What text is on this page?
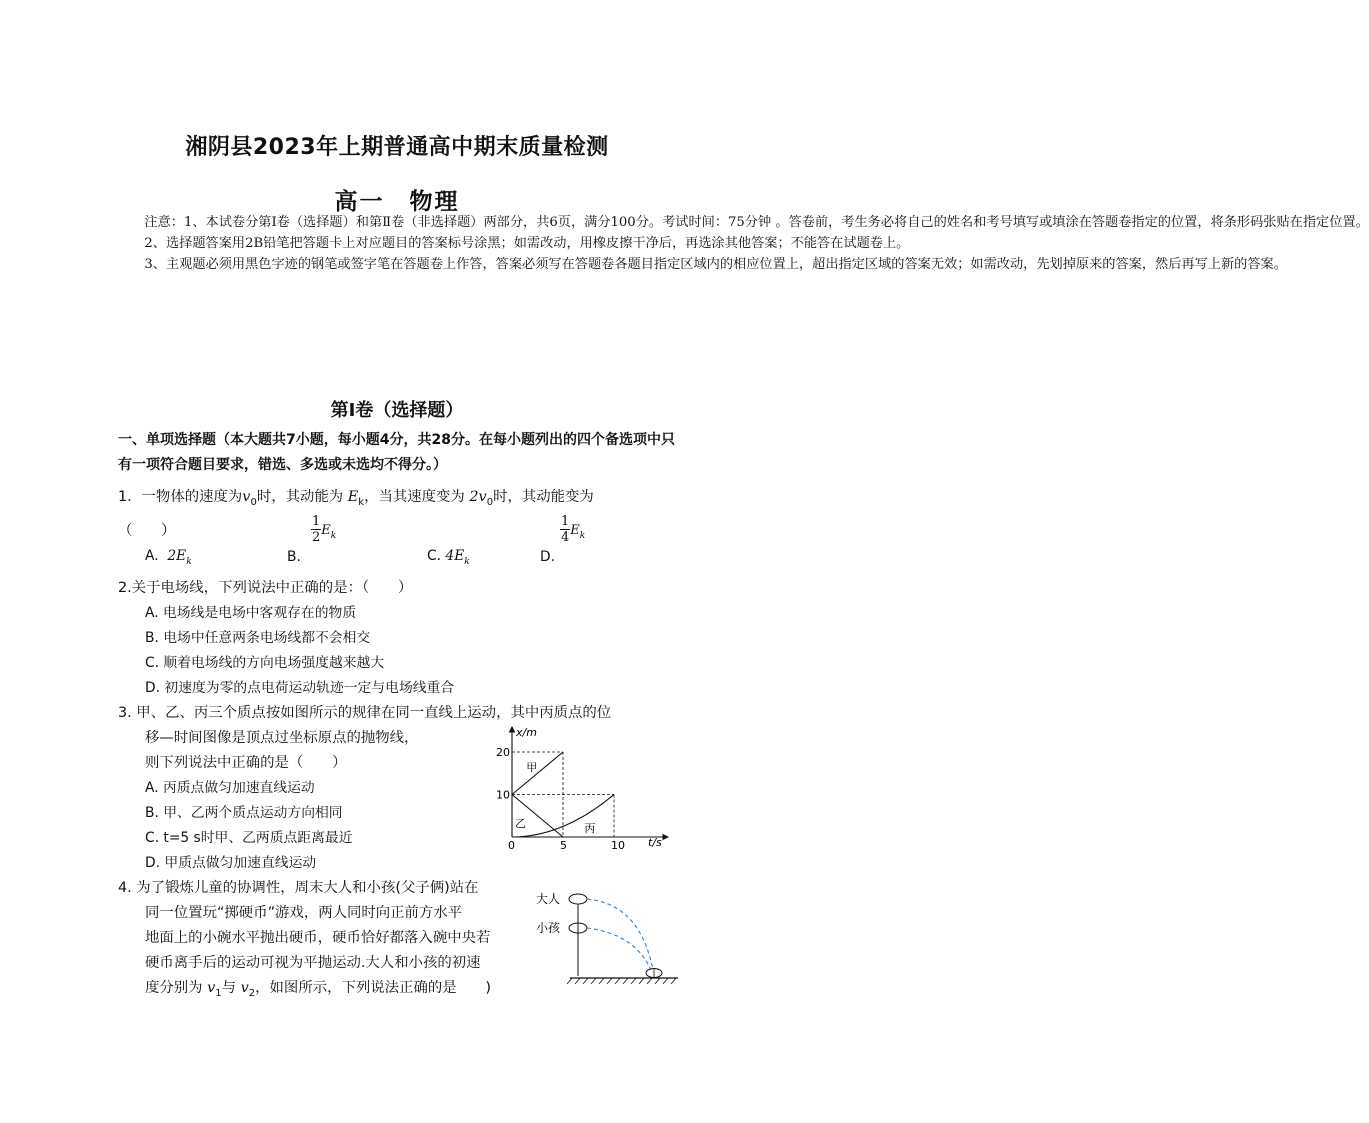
湘阴县2023年上期普通高中期末质量检测
高一　物理

注意：1、本试卷分第Ⅰ卷（选择题）和第Ⅱ卷（非选择题）两部分，共6页，满分100分。考试时间：75分钟 。答卷前，考生务必将自己的姓名和考号填写或填涂在答题卷指定的位置，将条形码张贴在指定位置。

2、选择题答案用2B铅笔把答题卡上对应题目的答案标号涂黑；如需改动，用橡皮擦干净后，再选涂其他答案；不能答在试题卷上。

3、主观题必须用黑色字迹的钢笔或签字笔在答题卷上作答，答案必须写在答题卷各题目指定区域内的相应位置上，超出指定区域的答案无效；如需改动，先划掉原来的答案，然后再写上新的答案。

第Ⅰ卷（选择题）
一、单项选择题（本大题共7小题，每小题4分，共28分。在每小题列出的四个备选项中只有一项符合题目要求，错选、多选或未选均不得分。）
1．一物体的速度为$v_0$时，其动能为 $E_k$，当其速度变为 $2v_0$时，其动能变为
（　　）
A. $2E_k$	B.
$\frac{1}{2} E_k$
C. $4E_k$	D.
$\frac{1}{4} E_k$
2.关于电场线，下列说法中正确的是：（　　）
A. 电场线是电场中客观存在的物质
B. 电场中任意两条电场线都不会相交
C. 顺着电场线的方向电场强度越来越大
D. 初速度为零的点电荷运动轨迹一定与电场线重合
3. 甲、乙、丙三个质点按如图所示的规律在同一直线上运动，其中丙质点的位
移—时间图像是顶点过坐标原点的抛物线，
则下列说法中正确的是（　　）
A. 丙质点做匀加速直线运动
B. 甲、乙两个质点运动方向相同
C. t=5 s时甲、乙两质点距离最近
D. 甲质点做匀加速直线运动
甲
乙	丙
x/m
t/s
0	5	10
10
20
4. 为了锻炼儿童的协调性，周末大人和小孩(父子俩)站在
同一位置玩“掷硬币”游戏，两人同时向正前方水平
地面上的小碗水平抛出硬币，硬币恰好都落入碗中央若
硬币离手后的运动可视为平抛运动.大人和小孩的初速
度分别为 $v_1$与 $v_2$，如图所示，下列说法正确的是　　)
大人
小孩
